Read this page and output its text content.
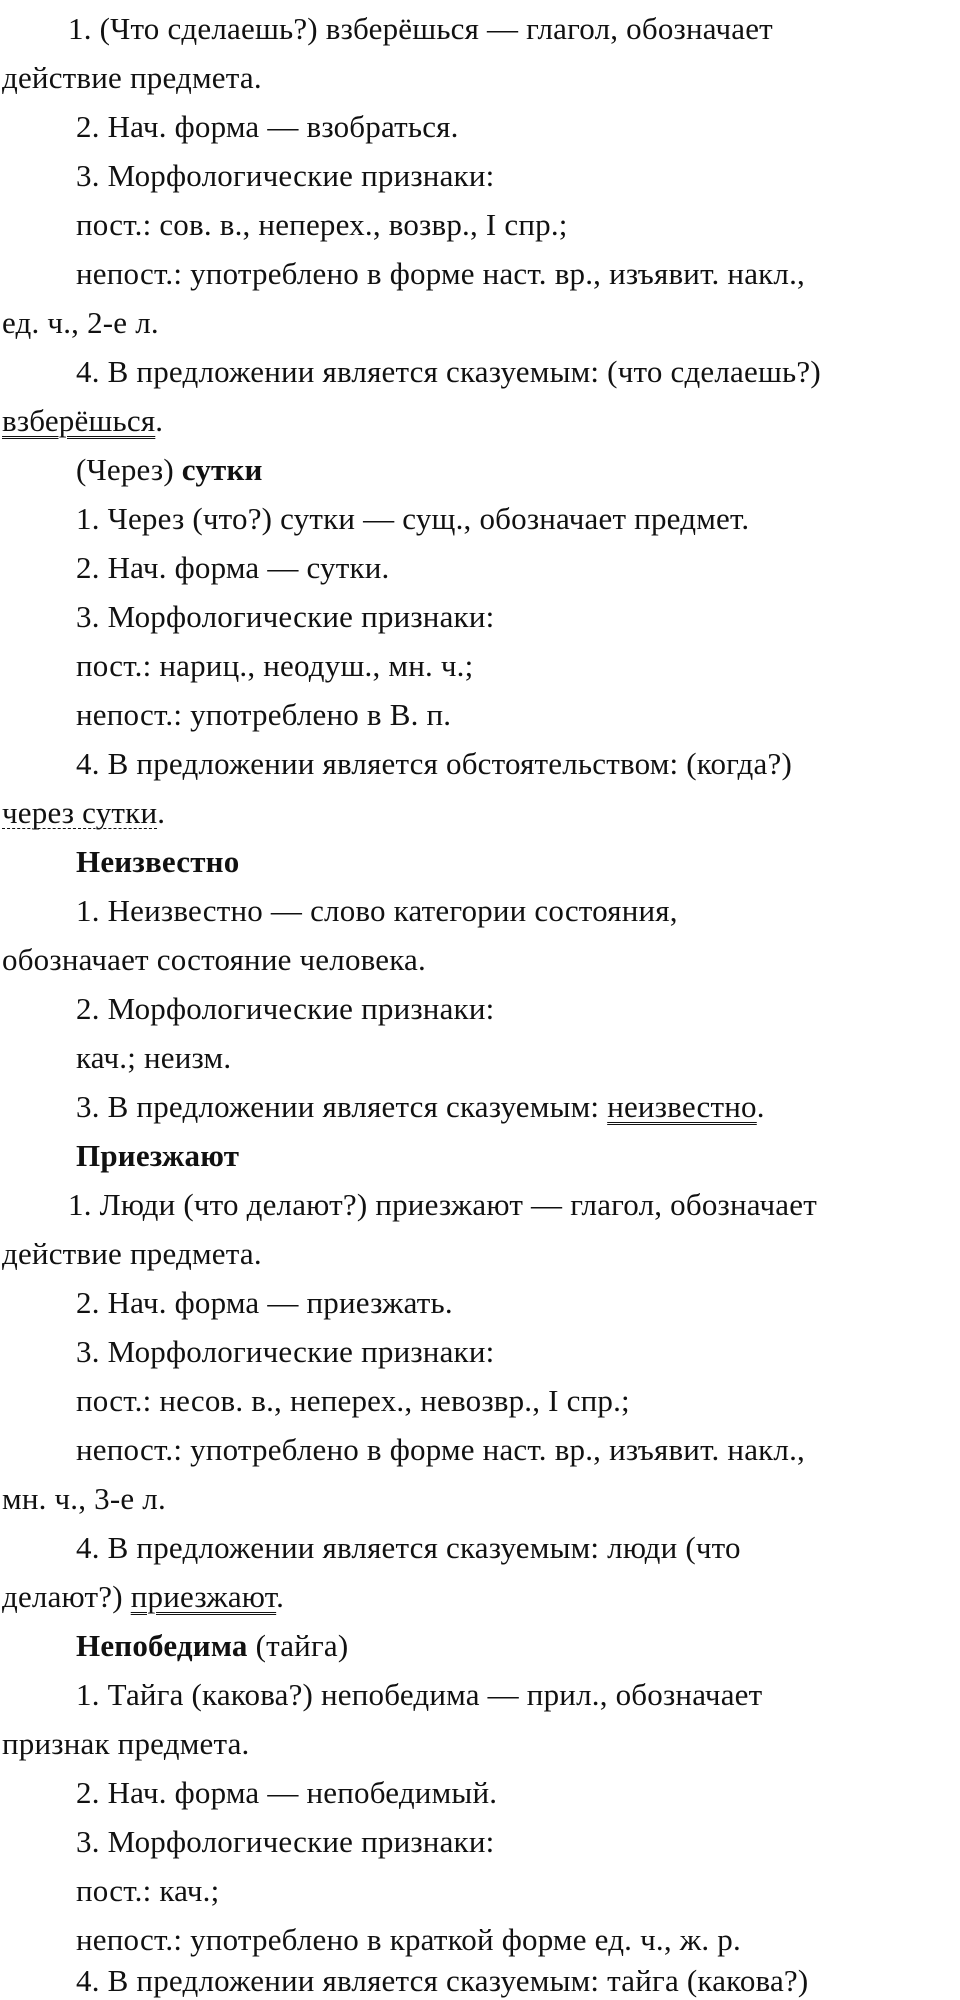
1. (Что сделаешь?) взберёшься — глагол, обозначает
действие предмета.
2. Нач. форма — взобраться.
3. Морфологические признаки:
пост.: сов. в., неперех., возвр., I спр.;
непост.: употреблено в форме наст. вр., изъявит. накл.,
ед. ч., 2-е л.
4. В предложении является сказуемым: (что сделаешь?)
взберёшься.
(Через) сутки
1. Через (что?) сутки — сущ., обозначает предмет.
2. Нач. форма — сутки.
3. Морфологические признаки:
пост.: нариц., неодуш., мн. ч.;
непост.: употреблено в В. п.
4. В предложении является обстоятельством: (когда?)
через сутки.
Неизвестно
1. Неизвестно — слово категории состояния,
обозначает состояние человека.
2. Морфологические признаки:
кач.; неизм.
3. В предложении является сказуемым: неизвестно.
Приезжают
1. Люди (что делают?) приезжают — глагол, обозначает
действие предмета.
2. Нач. форма — приезжать.
3. Морфологические признаки:
пост.: несов. в., неперех., невозвр., I спр.;
непост.: употреблено в форме наст. вр., изъявит. накл.,
мн. ч., 3-е л.
4. В предложении является сказуемым: люди (что
делают?) приезжают.
Непобедима (тайга)
1. Тайга (какова?) непобедима — прил., обозначает
признак предмета.
2. Нач. форма — непобедимый.
3. Морфологические признаки:
пост.: кач.;
непост.: употреблено в краткой форме ед. ч., ж. р.
4. В предложении является сказуемым: тайга (какова?)
